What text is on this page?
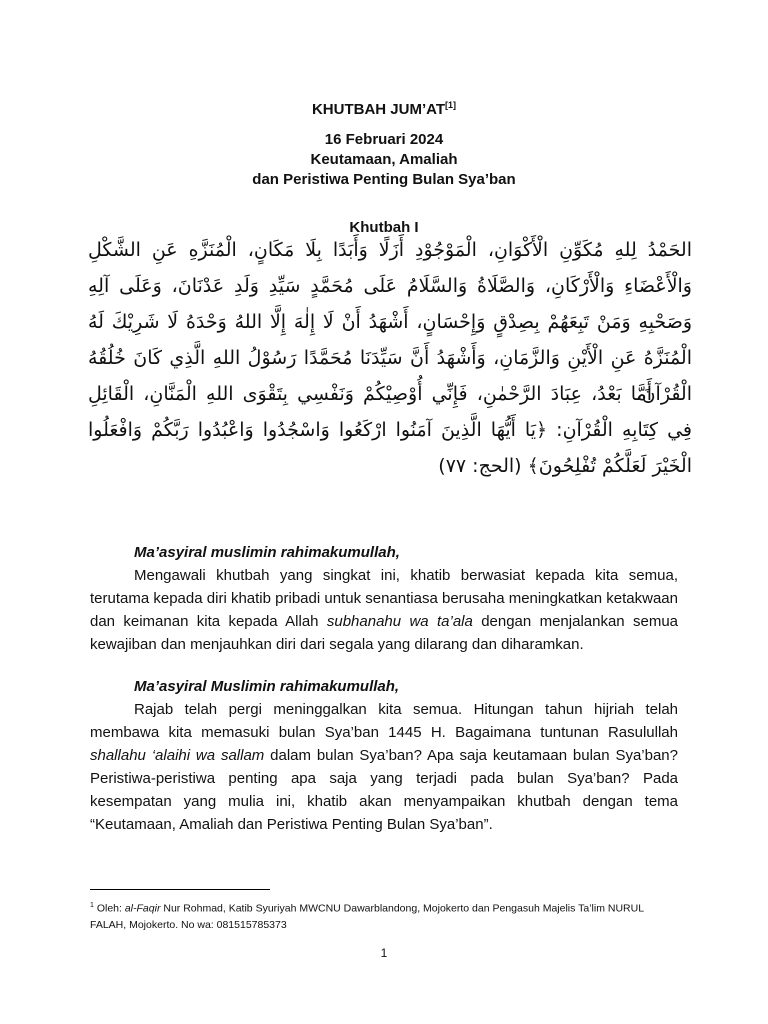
KHUTBAH JUM’AT[1]
16 Februari 2024
Keutamaan, Amaliah
dan Peristiwa Penting Bulan Sya’ban
Khutbah I
الحَمْدُ لِلهِ مُكَوِّنِ الْأَكْوَانِ، الْمَوْجُوْدِ أَزَلًا وَأَبَدًا بِلَا مَكَانٍ، الْمُنَزَّهِ عَنِ الشَّكْلِ وَالْأَعْضَاءِ وَالْأَرْكَانِ، وَالصَّلَاةُ وَالسَّلَامُ عَلَى مُحَمَّدٍ سَيِّدِ وَلَدِ عَدْنَانَ، وَعَلَى آلِهِ وَصَحْبِهِ وَمَنْ تَبِعَهُمْ بِصِدْقٍ وَإِحْسَانٍ، أَشْهَدُ أَنْ لَا إِلٰهَ إِلَّا اللهُ وَحْدَهُ لَا شَرِيْكَ لَهُ الْمُنَزَّهُ عَنِ الْأَيْنِ وَالزَّمَانِ، وَأَشْهَدُ أَنَّ سَيِّدَنَا مُحَمَّدًا رَسُوْلُ اللهِ الَّذِي كَانَ خُلُقُهُ الْقُرْآنَ،

أَمَّا بَعْدُ، عِبَادَ الرَّحْمٰنِ، فَإِنِّي أُوْصِيْكُمْ وَنَفْسِي بِتَقْوَى اللهِ الْمَنَّانِ، الْقَائِلِ فِي كِتَابِهِ الْقُرْآنِ: ﴿يَا أَيُّهَا الَّذِينَ آمَنُوا ارْكَعُوا وَاسْجُدُوا وَاعْبُدُوا رَبَّكُمْ وَافْعَلُوا الْخَيْرَ لَعَلَّكُمْ تُفْلِحُونَ﴾ (الحج: ٧٧)

Ma’asyiral muslimin rahimakumullah,

Mengawali khutbah yang singkat ini, khatib berwasiat kepada kita semua, terutama kepada diri khatib pribadi untuk senantiasa berusaha meningkatkan ketakwaan dan keimanan kita kepada Allah subhanahu wa ta’ala dengan menjalankan semua kewajiban dan menjauhkan diri dari segala yang dilarang dan diharamkan.

Ma’asyiral Muslimin rahimakumullah,

Rajab telah pergi meninggalkan kita semua. Hitungan tahun hijriah telah membawa kita memasuki bulan Sya’ban 1445 H. Bagaimana tuntunan Rasulullah shallahu ‘alaihi wa sallam dalam bulan Sya’ban? Apa saja keutamaan bulan Sya’ban? Peristiwa-peristiwa penting apa saja yang terjadi pada bulan Sya’ban? Pada kesempatan yang mulia ini, khatib akan menyampaikan khutbah dengan tema “Keutamaan, Amaliah dan Peristiwa Penting Bulan Sya’ban”.

$^1$ Oleh: al-Faqir Nur Rohmad, Katib Syuriyah MWCNU Dawarblandong, Mojokerto dan Pengasuh Majelis Ta’lim NURUL FALAH, Mojokerto. No wa: 081515785373
1
